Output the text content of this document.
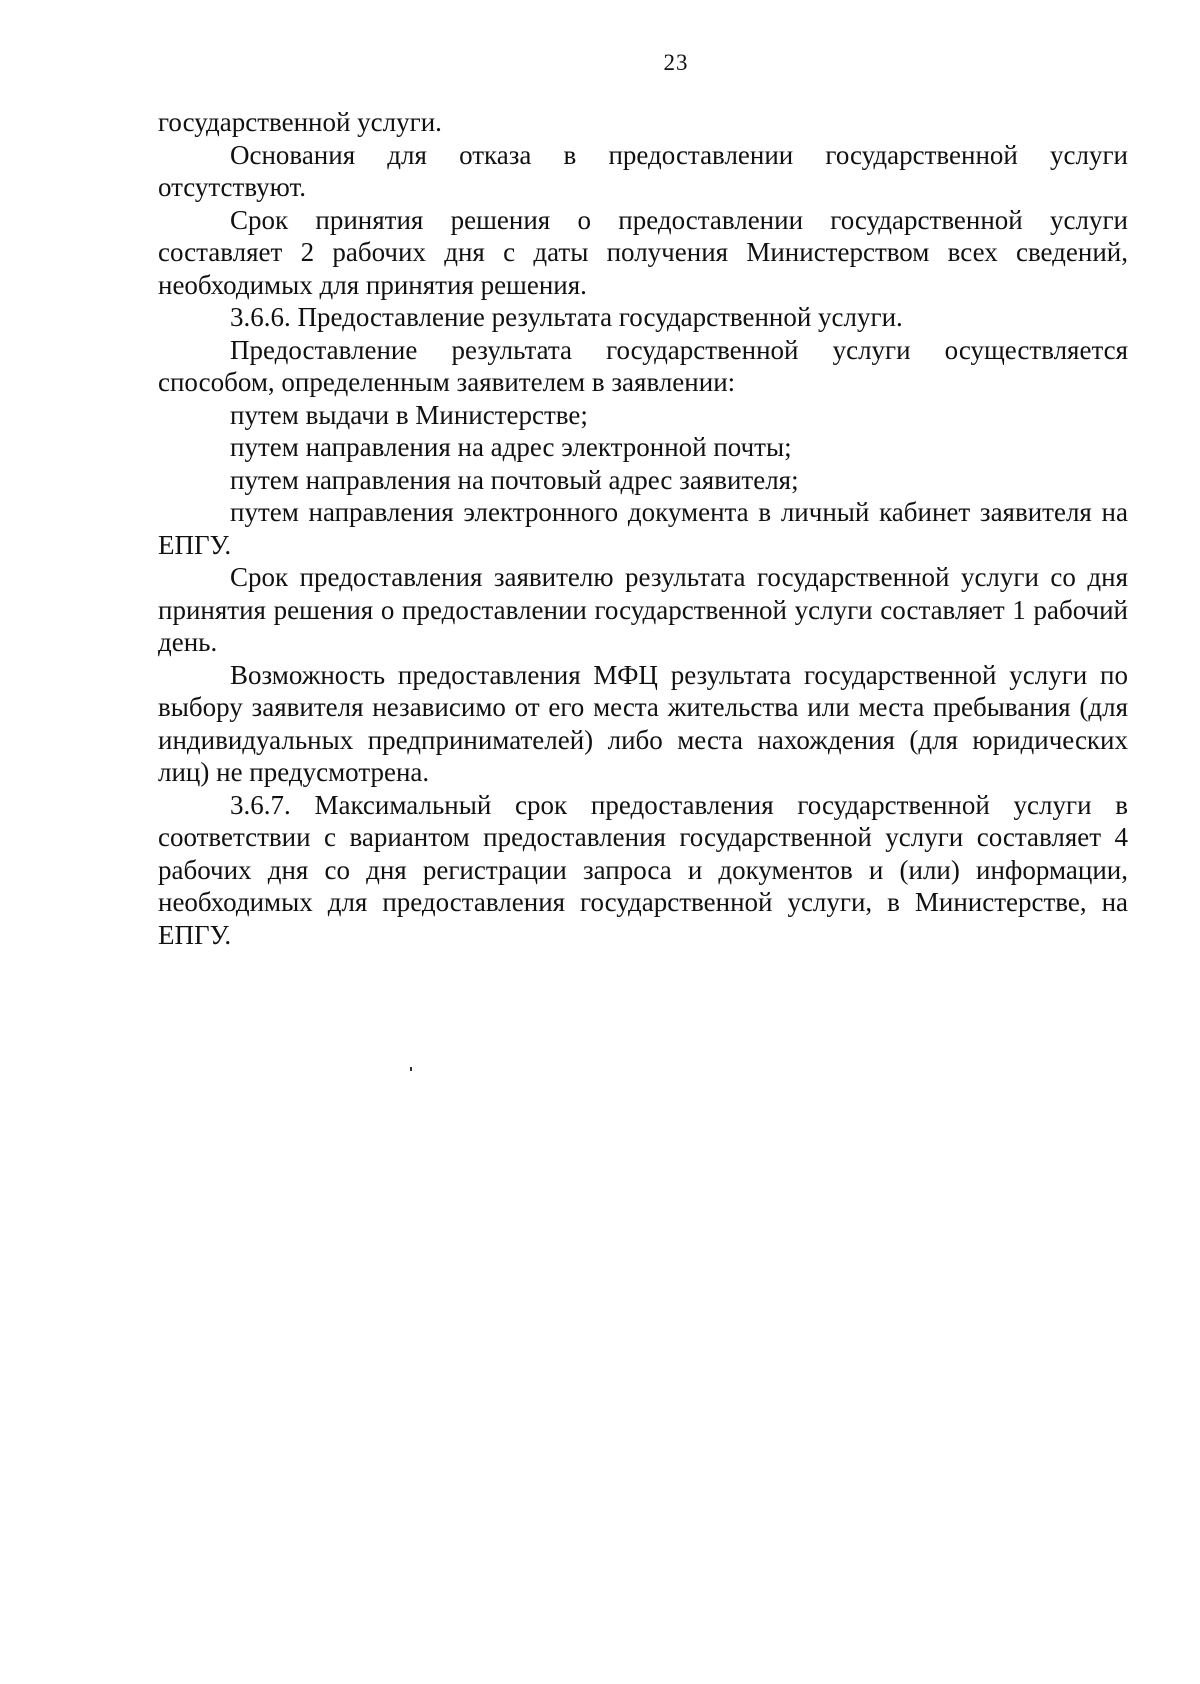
23

государственной услуги.

Основания для отказа в предоставлении государственной услуги отсутствуют.

Срок принятия решения о предоставлении государственной услуги составляет 2 рабочих дня с даты получения Министерством всех сведений, необходимых для принятия решения.

3.6.6. Предоставление результата государственной услуги.

Предоставление результата государственной услуги осуществляется способом, определенным заявителем в заявлении:

путем выдачи в Министерстве;

путем направления на адрес электронной почты;

путем направления на почтовый адрес заявителя;

путем направления электронного документа в личный кабинет заявителя на ЕПГУ.

Срок предоставления заявителю результата государственной услуги со дня принятия решения о предоставлении государственной услуги составляет 1 рабочий день.

Возможность предоставления МФЦ результата государственной услуги по выбору заявителя независимо от его места жительства или места пребывания (для индивидуальных предпринимателей) либо места нахождения (для юридических лиц) не предусмотрена.

3.6.7. Максимальный срок предоставления государственной услуги в соответствии с вариантом предоставления государственной услуги составляет 4 рабочих дня со дня регистрации запроса и документов и (или) информации, необходимых для предоставления государственной услуги, в Министерстве, на ЕПГУ.
